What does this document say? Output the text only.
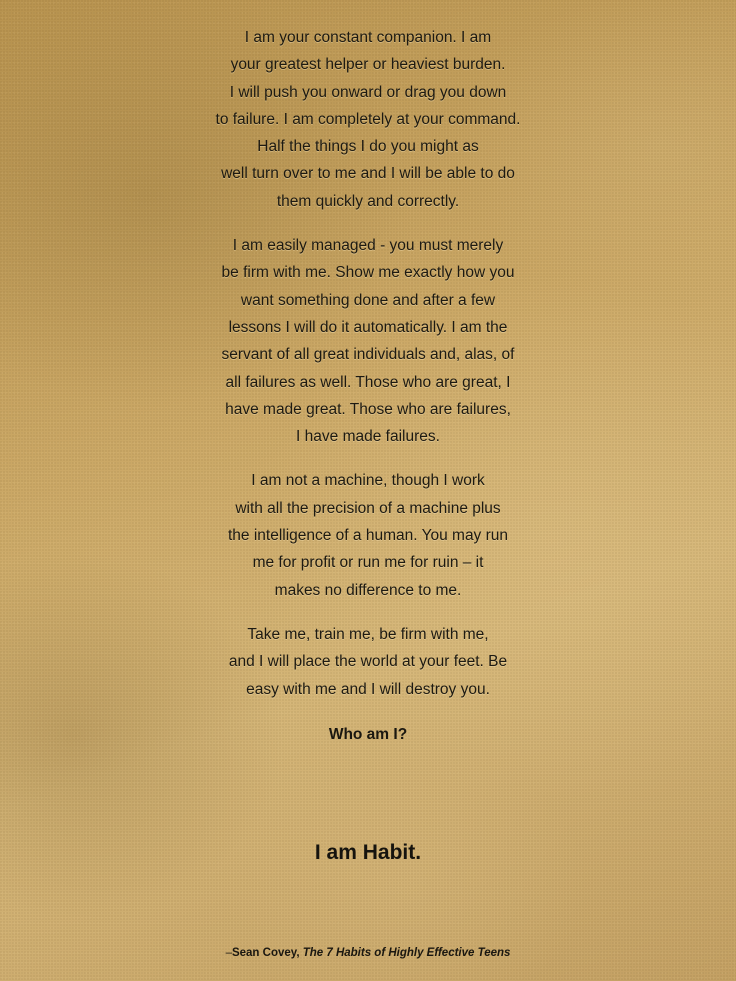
I am your constant companion. I am
your greatest helper or heaviest burden.
I will push you onward or drag you down
to failure. I am completely at your command.
Half the things I do you might as
well turn over to me and I will be able to do
them quickly and correctly.
I am easily managed - you must merely
be firm with me. Show me exactly how you
want something done and after a few
lessons I will do it automatically. I am the
servant of all great individuals and, alas, of
all failures as well. Those who are great, I
have made great. Those who are failures,
I have made failures.
I am not a machine, though I work
with all the precision of a machine plus
the intelligence of a human. You may run
me for profit or run me for ruin – it
makes no difference to me.
Take me, train me, be firm with me,
and I will place the world at your feet. Be
easy with me and I will destroy you.
Who am I?
I am Habit.
–Sean Covey, The 7 Habits of Highly Effective Teens
